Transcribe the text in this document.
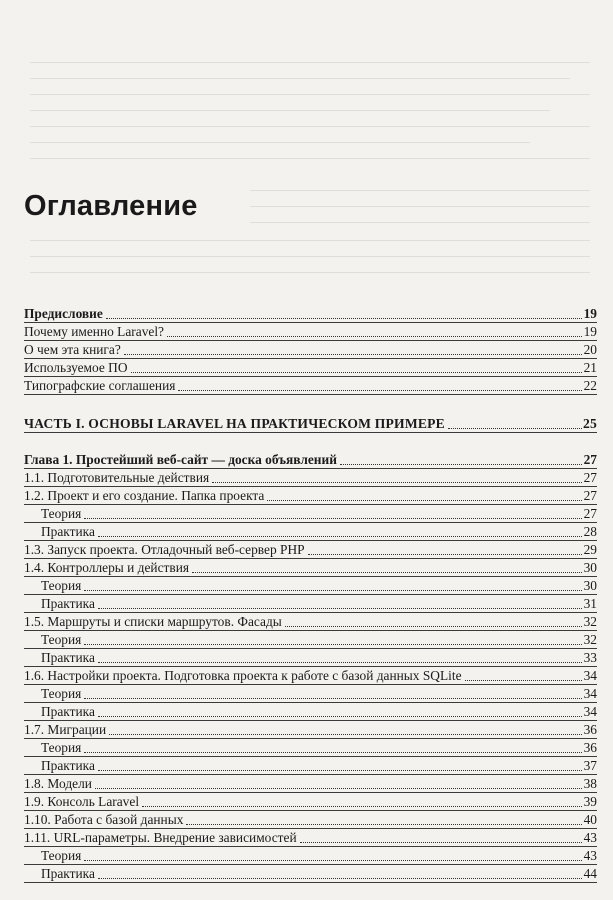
Оглавление
Предисловие	19
Почему именно Laravel?	19
О чем эта книга?	20
Используемое ПО	21
Типографские соглашения	22
ЧАСТЬ I. ОСНОВЫ LARAVEL НА ПРАКТИЧЕСКОМ ПРИМЕРЕ	25
Глава 1. Простейший веб-сайт — доска объявлений	27
1.1. Подготовительные действия	27
1.2. Проект и его создание. Папка проекта	27
Теория	27
Практика	28
1.3. Запуск проекта. Отладочный веб-сервер PHP	29
1.4. Контроллеры и действия	30
Теория	30
Практика	31
1.5. Маршруты и списки маршрутов. Фасады	32
Теория	32
Практика	33
1.6. Настройки проекта. Подготовка проекта к работе с базой данных SQLite	34
Теория	34
Практика	34
1.7. Миграции	36
Теория	36
Практика	37
1.8. Модели	38
1.9. Консоль Laravel	39
1.10. Работа с базой данных	40
1.11. URL-параметры. Внедрение зависимостей	43
Теория	43
Практика	44
